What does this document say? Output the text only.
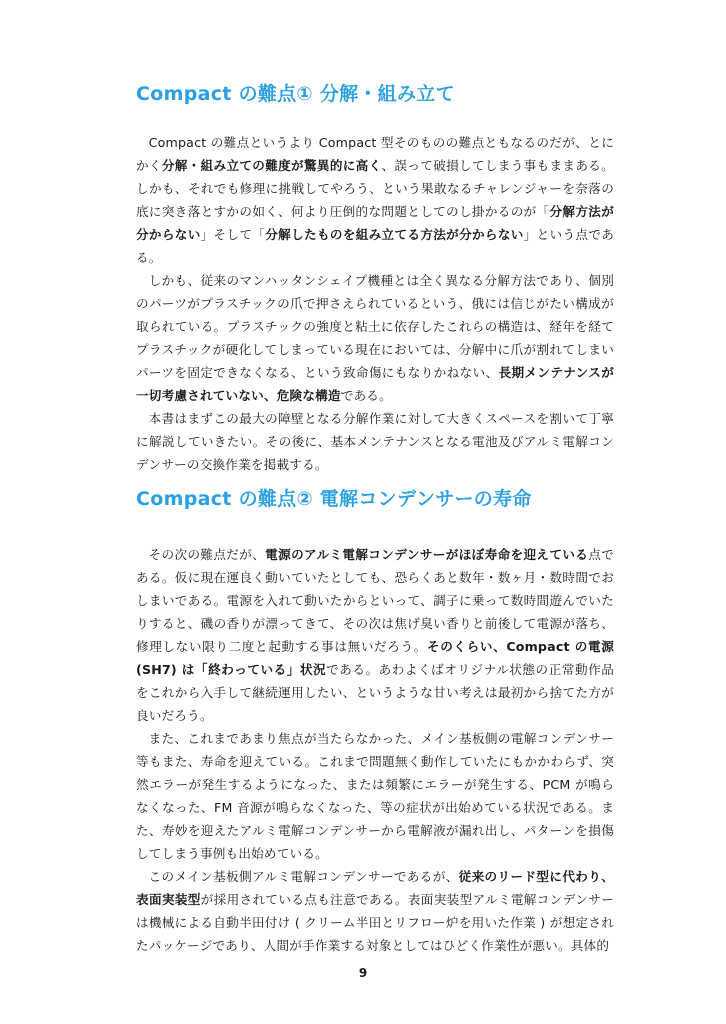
Compact の難点① 分解・組み立て

Compact の難点というより Compact 型そのものの難点ともなるのだが、とにかく分解・組み立ての難度が驚異的に高く、誤って破損してしまう事もままある。しかも、それでも修理に挑戦してやろう、という果敢なるチャレンジャーを奈落の底に突き落とすかの如く、何より圧倒的な問題としてのし掛かるのが「分解方法が分からない」そして「分解したものを組み立てる方法が分からない」という点である。

しかも、従来のマンハッタンシェイプ機種とは全く異なる分解方法であり、個別のパーツがプラスチックの爪で押さえられているという、俄には信じがたい構成が取られている。プラスチックの強度と粘土に依存したこれらの構造は、経年を経てプラスチックが硬化してしまっている現在においては、分解中に爪が割れてしまいパーツを固定できなくなる、という致命傷にもなりかねない、長期メンテナンスが一切考慮されていない、危険な構造である。

本書はまずこの最大の障壁となる分解作業に対して大きくスペースを割いて丁寧に解説していきたい。その後に、基本メンテナンスとなる電池及びアルミ電解コンデンサーの交換作業を掲載する。

Compact の難点② 電解コンデンサーの寿命

その次の難点だが、電源のアルミ電解コンデンサーがほぼ寿命を迎えている点である。仮に現在運良く動いていたとしても、恐らくあと数年・数ヶ月・数時間でおしまいである。電源を入れて動いたからといって、調子に乗って数時間遊んでいたりすると、磯の香りが漂ってきて、その次は焦げ臭い香りと前後して電源が落ち、修理しない限り二度と起動する事は無いだろう。そのくらい、Compact の電源 (SH7) は「終わっている」状況である。あわよくばオリジナル状態の正常動作品をこれから入手して継続運用したい、というような甘い考えは最初から捨てた方が良いだろう。

また、これまであまり焦点が当たらなかった、メイン基板側の電解コンデンサー等もまた、寿命を迎えている。これまで問題無く動作していたにもかかわらず、突然エラーが発生するようになった、または頻繁にエラーが発生する、PCM が鳴らなくなった、FM 音源が鳴らなくなった、等の症状が出始めている状況である。また、寿妙を迎えたアルミ電解コンデンサーから電解液が漏れ出し、パターンを損傷してしまう事例も出始めている。

このメイン基板側アルミ電解コンデンサーであるが、従来のリード型に代わり、表面実装型が採用されている点も注意である。表面実装型アルミ電解コンデンサーは機械による自動半田付け ( クリーム半田とリフロー炉を用いた作業 ) が想定されたパッケージであり、人間が手作業する対象としてはひどく作業性が悪い。具体的

9
